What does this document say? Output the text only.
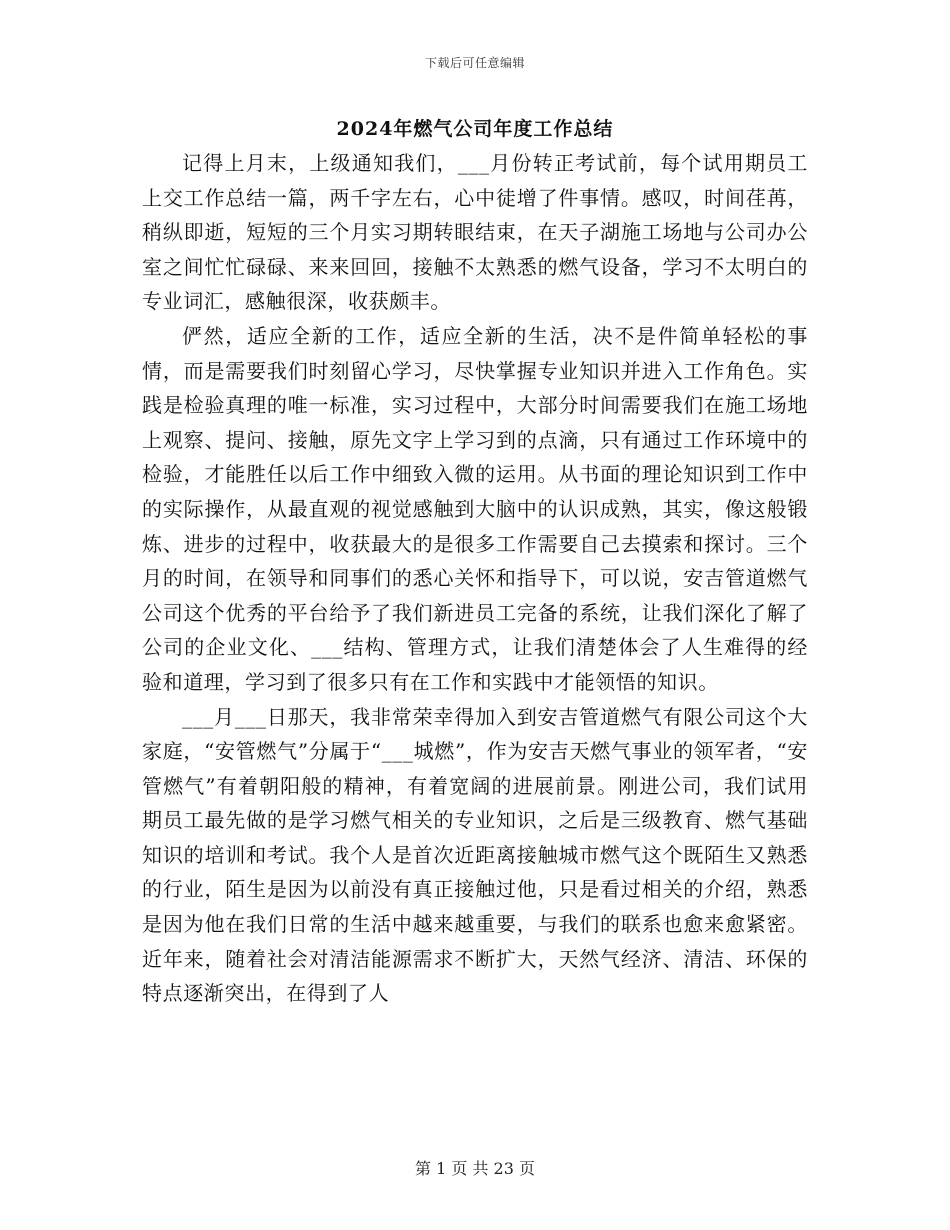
下载后可任意编辑
2024年燃气公司年度工作总结

记得上月末，上级通知我们，___月份转正考试前，每个试用期员工上交工作总结一篇，两千字左右，心中徒增了件事情。感叹，时间荏苒，稍纵即逝，短短的三个月实习期转眼结束，在天子湖施工场地与公司办公室之间忙忙碌碌、来来回回，接触不太熟悉的燃气设备，学习不太明白的专业词汇，感触很深，收获颇丰。

俨然，适应全新的工作，适应全新的生活，决不是件简单轻松的事情，而是需要我们时刻留心学习，尽快掌握专业知识并进入工作角色。实践是检验真理的唯一标准，实习过程中，大部分时间需要我们在施工场地上观察、提问、接触，原先文字上学习到的点滴，只有通过工作环境中的检验，才能胜任以后工作中细致入微的运用。从书面的理论知识到工作中的实际操作，从最直观的视觉感触到大脑中的认识成熟，其实，像这般锻炼、进步的过程中，收获最大的是很多工作需要自己去摸索和探讨。三个月的时间，在领导和同事们的悉心关怀和指导下，可以说，安吉管道燃气公司这个优秀的平台给予了我们新进员工完备的系统，让我们深化了解了公司的企业文化、___结构、管理方式，让我们清楚体会了人生难得的经验和道理，学习到了很多只有在工作和实践中才能领悟的知识。

___月___日那天，我非常荣幸得加入到安吉管道燃气有限公司这个大家庭，“安管燃气”分属于“___城燃”，作为安吉天燃气事业的领军者，“安管燃气”有着朝阳般的精神，有着宽阔的进展前景。刚进公司，我们试用期员工最先做的是学习燃气相关的专业知识，之后是三级教育、燃气基础知识的培训和考试。我个人是首次近距离接触城市燃气这个既陌生又熟悉的行业，陌生是因为以前没有真正接触过他，只是看过相关的介绍，熟悉是因为他在我们日常的生活中越来越重要，与我们的联系也愈来愈紧密。近年来，随着社会对清洁能源需求不断扩大，天然气经济、清洁、环保的特点逐渐突出，在得到了人

第 1 页 共 23 页
